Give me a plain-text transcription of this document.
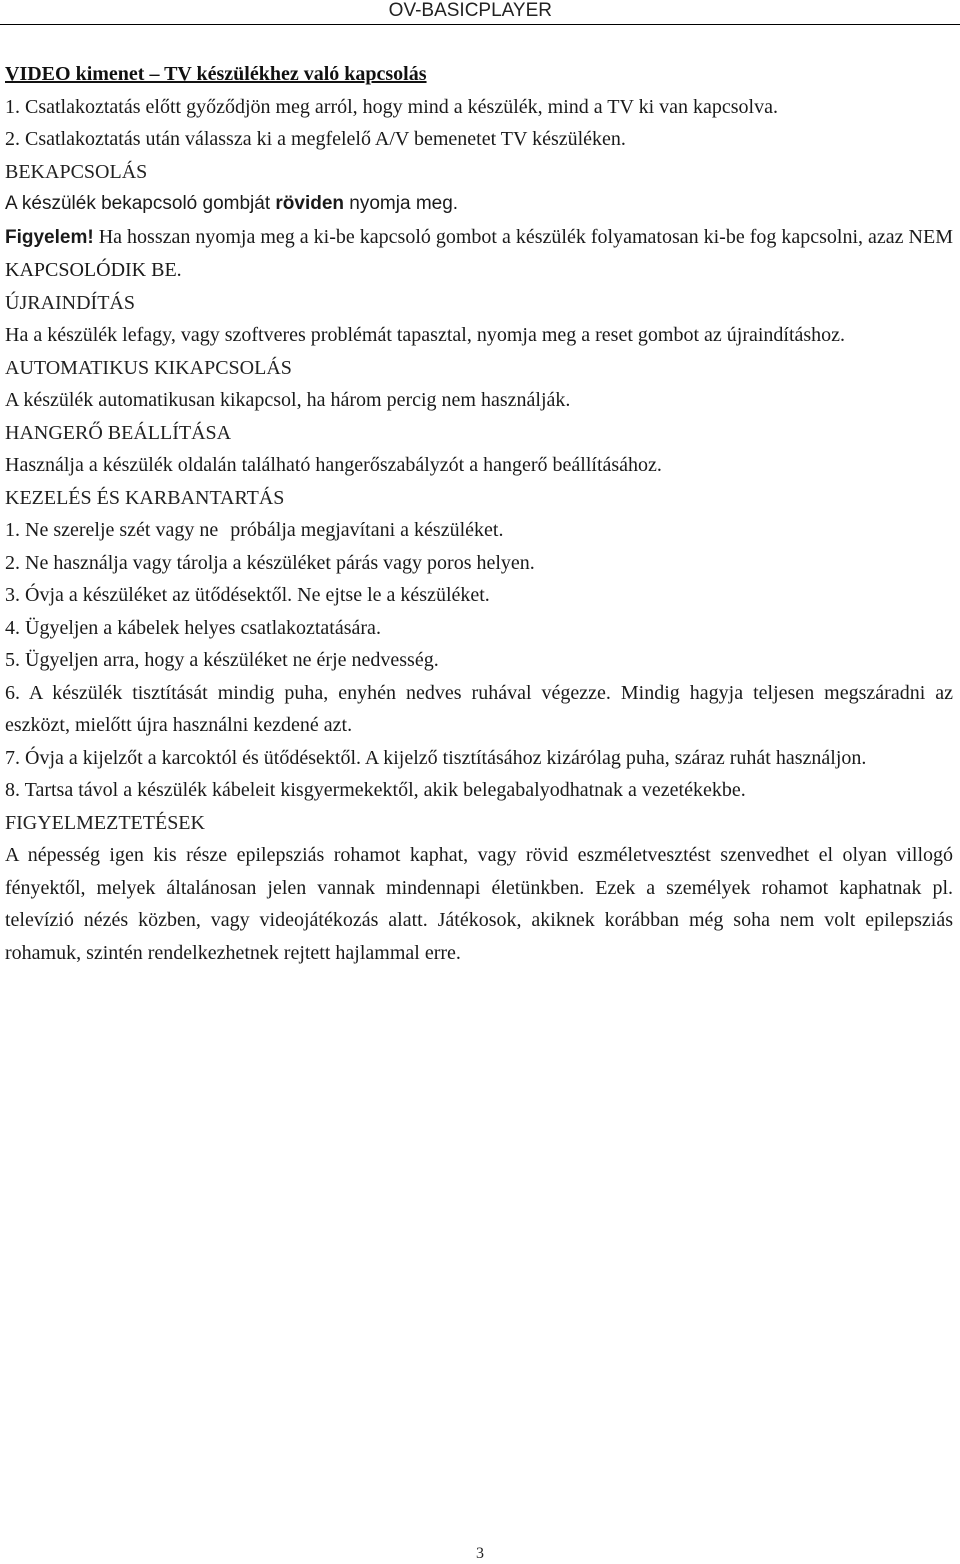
OV-BASICPLAYER

VIDEO kimenet – TV készülékhez való kapcsolás

1. Csatlakoztatás előtt győződjön meg arról, hogy mind a készülék, mind a TV ki van kapcsolva.

2. Csatlakoztatás után válassza ki a megfelelő A/V bemenetet TV készüléken.

BEKAPCSOLÁS

A készülék bekapcsoló gombját röviden nyomja meg.

Figyelem! Ha hosszan nyomja meg a ki-be kapcsoló gombot a készülék folyamatosan ki-be fog kapcsolni, azaz NEM KAPCSOLÓDIK BE.

ÚJRAINDÍTÁS

Ha a készülék lefagy, vagy szoftveres problémát tapasztal, nyomja meg a reset gombot az újraindításhoz.

AUTOMATIKUS KIKAPCSOLÁS

A készülék automatikusan kikapcsol, ha három percig nem használják.

HANGERŐ BEÁLLÍTÁSA

Használja a készülék oldalán található hangerőszabályzót a hangerő beállításához.

KEZELÉS ÉS KARBANTARTÁS

1. Ne szerelje szét vagy ne próbálja megjavítani a készüléket.

2. Ne használja vagy tárolja a készüléket párás vagy poros helyen.

3. Óvja a készüléket az ütődésektől. Ne ejtse le a készüléket.

4. Ügyeljen a kábelek helyes csatlakoztatására.

5. Ügyeljen arra, hogy a készüléket ne érje nedvesség.

6. A készülék tisztítását mindig puha, enyhén nedves ruhával végezze. Mindig hagyja teljesen megszáradni az eszközt, mielőtt újra használni kezdené azt.

7. Óvja a kijelzőt a karcoktól és ütődésektől. A kijelző tisztításához kizárólag puha, száraz ruhát használjon.

8. Tartsa távol a készülék kábeleit kisgyermekektől, akik belegabalyodhatnak a vezetékekbe.

FIGYELMEZTETÉSEK

A népesség igen kis része epilepsziás rohamot kaphat, vagy rövid eszméletvesztést szenvedhet el olyan villogó fényektől, melyek általánosan jelen vannak mindennapi életünkben. Ezek a személyek rohamot kaphatnak pl. televízió nézés közben, vagy videojátékozás alatt. Játékosok, akiknek korábban még soha nem volt epilepsziás rohamuk, szintén rendelkezhetnek rejtett hajlammal erre.

3
